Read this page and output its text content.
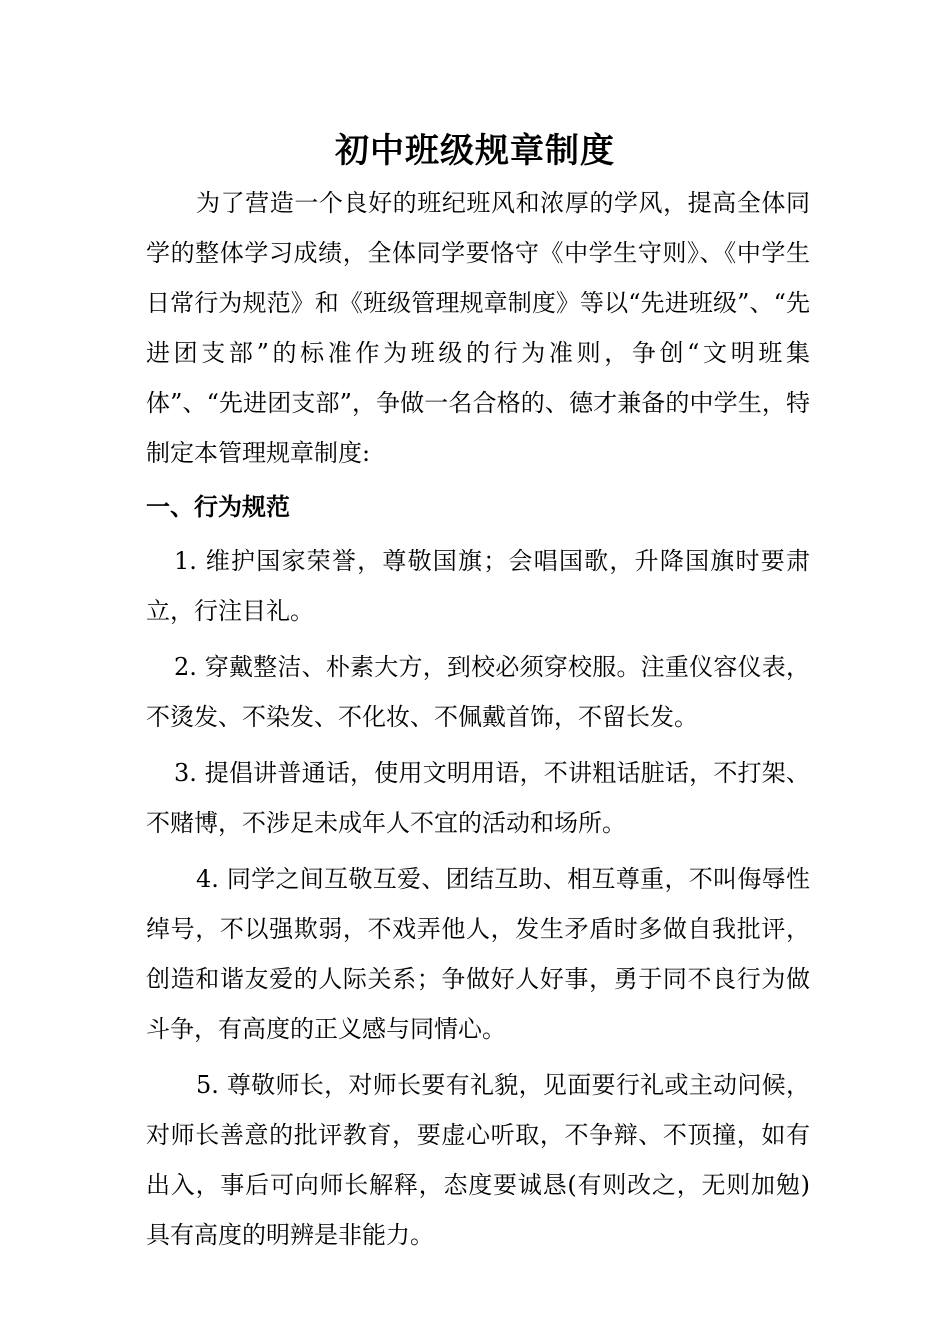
初中班级规章制度

为了营造一个良好的班纪班风和浓厚的学风，提高全体同学的整体学习成绩，全体同学要恪守《中学生守则》、《中学生日常行为规范》和《班级管理规章制度》等以“先进班级”、“先进团支部”的标准作为班级的行为准则，争创“文明班集体”、“先进团支部”，争做一名合格的、德才兼备的中学生，特制定本管理规章制度:

一、行为规范

1. 维护国家荣誉，尊敬国旗；会唱国歌，升降国旗时要肃立，行注目礼。

2. 穿戴整洁、朴素大方，到校必须穿校服。注重仪容仪表，不烫发、不染发、不化妆、不佩戴首饰，不留长发。

3. 提倡讲普通话，使用文明用语，不讲粗话脏话，不打架、不赌博，不涉足未成年人不宜的活动和场所。

4. 同学之间互敬互爱、团结互助、相互尊重，不叫侮辱性绰号，不以强欺弱，不戏弄他人，发生矛盾时多做自我批评，创造和谐友爱的人际关系；争做好人好事，勇于同不良行为做斗争，有高度的正义感与同情心。

5. 尊敬师长，对师长要有礼貌，见面要行礼或主动问候，对师长善意的批评教育，要虚心听取，不争辩、不顶撞，如有出入，事后可向师长解释，态度要诚恳(有则改之，无则加勉)具有高度的明辨是非能力。
